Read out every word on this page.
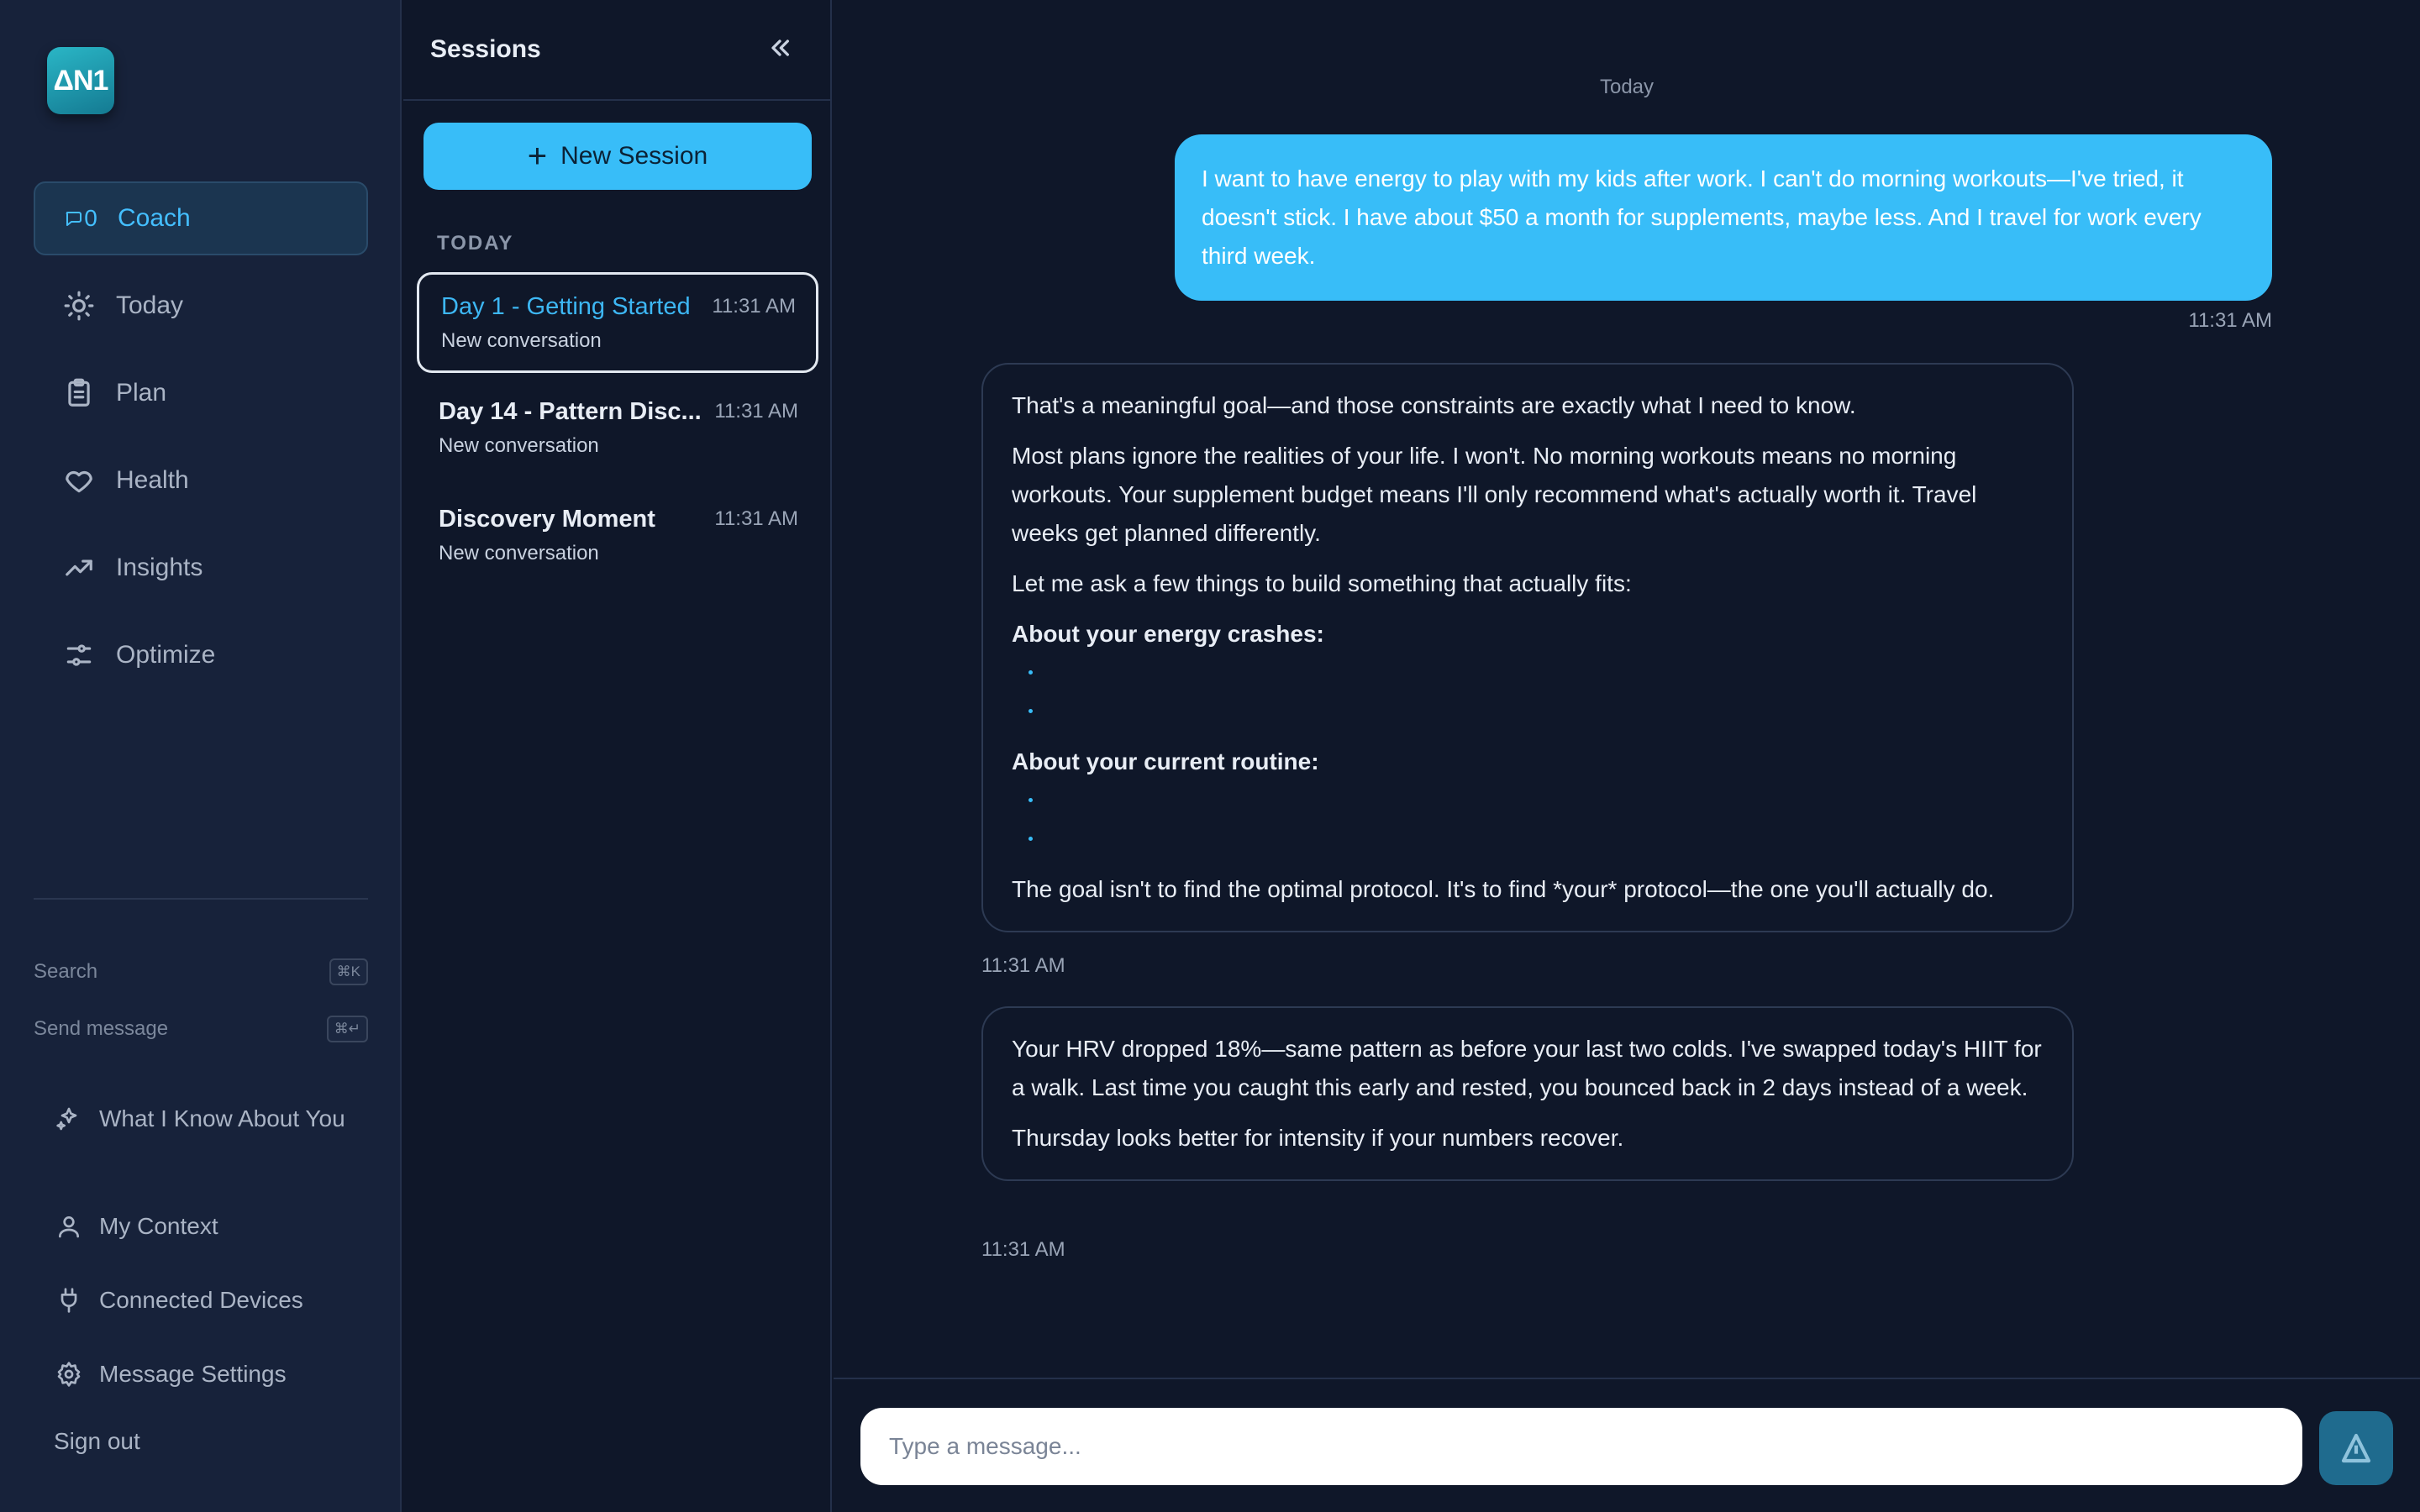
ΔN1
0 Coach
Today
Plan
Health
Insights
Optimize
Search	⌘K
Send message	⌘↵
What I Know About You
My Context
Connected Devices
Message Settings
Sign out
Sessions
+ New Session
TODAY
Day 1 - Getting Started
New conversation
11:31 AM
Day 14 - Pattern Disc...
New conversation
11:31 AM
Discovery Moment
New conversation
11:31 AM
Today
I want to have energy to play with my kids after work. I can't do morning workouts—I've tried, it doesn't stick. I have about $50 a month for supplements, maybe less. And I travel for work every third week.
11:31 AM

That's a meaningful goal—and those constraints are exactly what I need to know.

Most plans ignore the realities of your life. I won't. No morning workouts means no morning workouts. Your supplement budget means I'll only recommend what's actually worth it. Travel weeks get planned differently.

Let me ask a few things to build something that actually fits:

About your energy crashes:
About your current routine:

The goal isn't to find the optimal protocol. It's to find *your* protocol—the one you'll actually do.

11:31 AM

Your HRV dropped 18%—same pattern as before your last two colds. I've swapped today's HIIT for a walk. Last time you caught this early and rested, you bounced back in 2 days instead of a week.

Thursday looks better for intensity if your numbers recover.

11:31 AM
Type a message...
